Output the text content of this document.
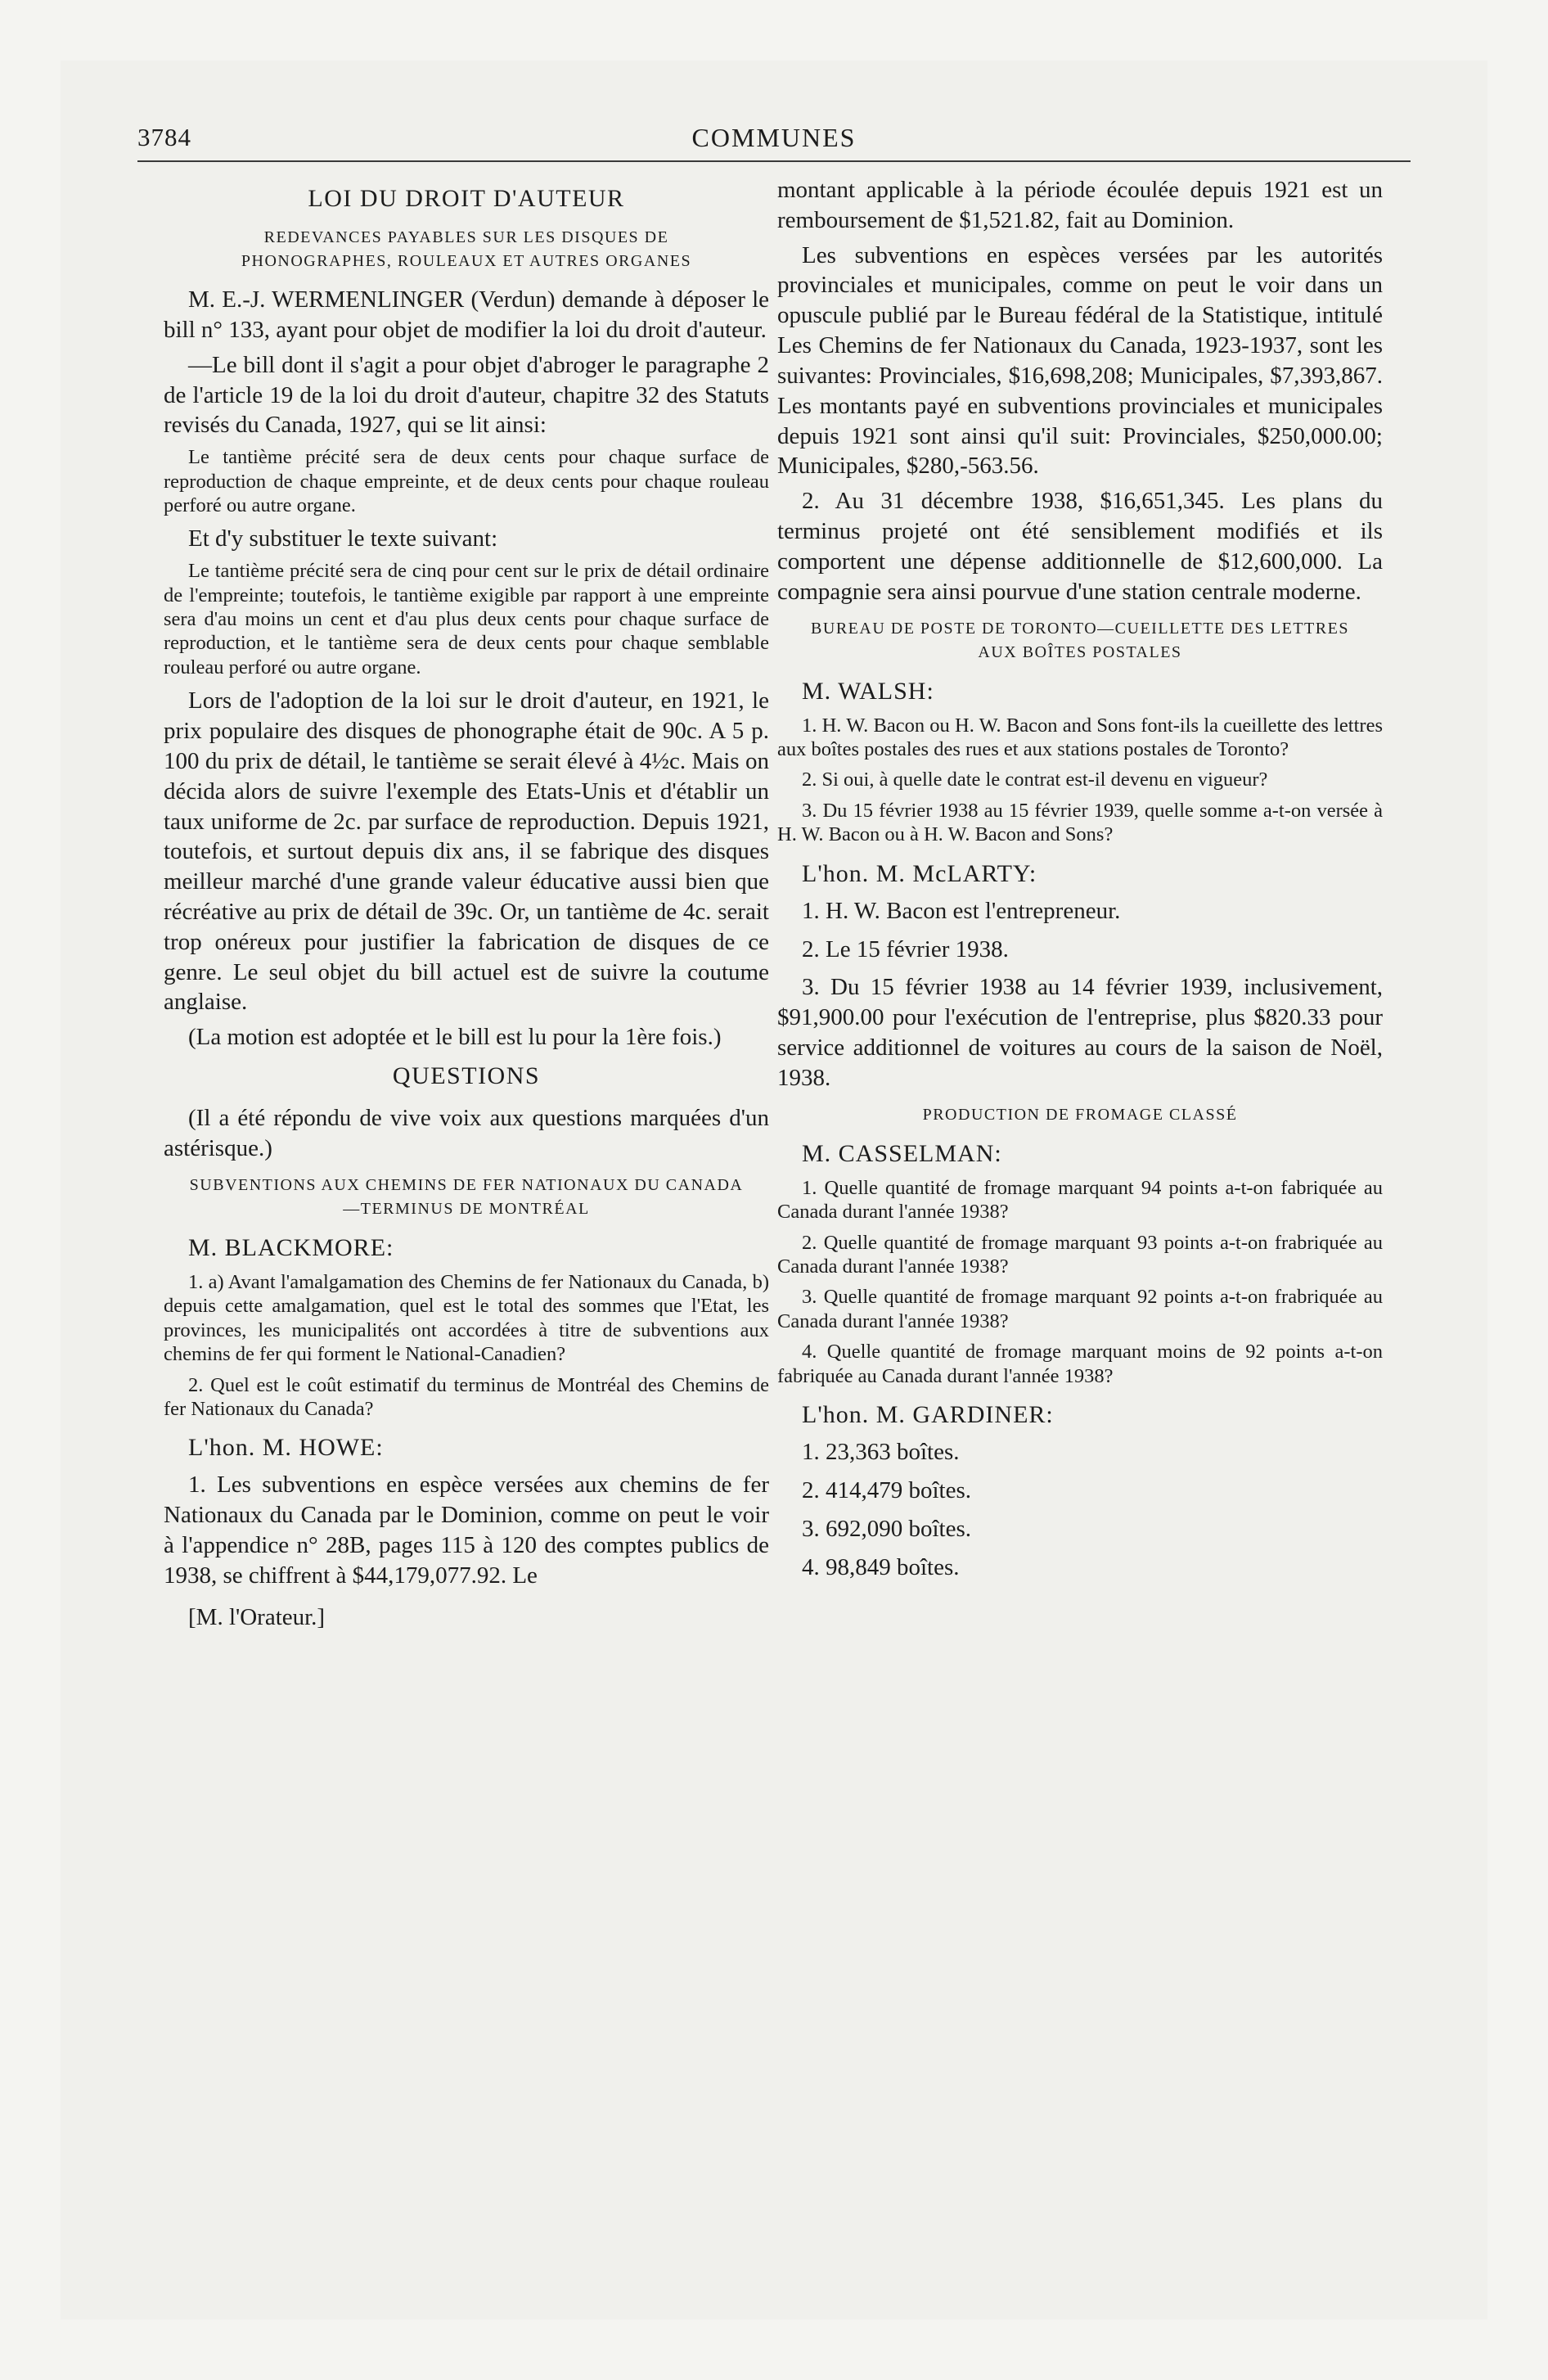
3784	COMMUNES
LOI DU DROIT D'AUTEUR
REDEVANCES PAYABLES SUR LES DISQUES DE PHONOGRAPHES, ROULEAUX ET AUTRES ORGANES

M. E.-J. WERMENLINGER (Verdun) demande à déposer le bill n° 133, ayant pour objet de modifier la loi du droit d'auteur.

—Le bill dont il s'agit a pour objet d'abroger le paragraphe 2 de l'article 19 de la loi du droit d'auteur, chapitre 32 des Statuts revisés du Canada, 1927, qui se lit ainsi:

Le tantième précité sera de deux cents pour chaque surface de reproduction de chaque empreinte, et de deux cents pour chaque rouleau perforé ou autre organe.

Et d'y substituer le texte suivant:

Le tantième précité sera de cinq pour cent sur le prix de détail ordinaire de l'empreinte; toutefois, le tantième exigible par rapport à une empreinte sera d'au moins un cent et d'au plus deux cents pour chaque surface de reproduction, et le tantième sera de deux cents pour chaque semblable rouleau perforé ou autre organe.

Lors de l'adoption de la loi sur le droit d'auteur, en 1921, le prix populaire des disques de phonographe était de 90c. A 5 p. 100 du prix de détail, le tantième se serait élevé à 4½c. Mais on décida alors de suivre l'exemple des Etats-Unis et d'établir un taux uniforme de 2c. par surface de reproduction. Depuis 1921, toutefois, et surtout depuis dix ans, il se fabrique des disques meilleur marché d'une grande valeur éducative aussi bien que récréative au prix de détail de 39c. Or, un tantième de 4c. serait trop onéreux pour justifier la fabrication de disques de ce genre. Le seul objet du bill actuel est de suivre la coutume anglaise.

(La motion est adoptée et le bill est lu pour la 1ère fois.)

QUESTIONS

(Il a été répondu de vive voix aux questions marquées d'un astérisque.)

SUBVENTIONS AUX CHEMINS DE FER NATIONAUX DU CANADA—TERMINUS DE MONTRÉAL
M. BLACKMORE:

1. a) Avant l'amalgamation des Chemins de fer Nationaux du Canada, b) depuis cette amalgamation, quel est le total des sommes que l'Etat, les provinces, les municipalités ont accordées à titre de subventions aux chemins de fer qui forment le National-Canadien?

2. Quel est le coût estimatif du terminus de Montréal des Chemins de fer Nationaux du Canada?

L'hon. M. HOWE:

1. Les subventions en espèce versées aux chemins de fer Nationaux du Canada par le Dominion, comme on peut le voir à l'appendice n° 28B, pages 115 à 120 des comptes publics de 1938, se chiffrent à $44,179,077.92. Le

[M. l'Orateur.]

montant applicable à la période écoulée depuis 1921 est un remboursement de $1,521.82, fait au Dominion.

Les subventions en espèces versées par les autorités provinciales et municipales, comme on peut le voir dans un opuscule publié par le Bureau fédéral de la Statistique, intitulé Les Chemins de fer Nationaux du Canada, 1923-1937, sont les suivantes: Provinciales, $16,698,208; Municipales, $7,393,867. Les montants payé en subventions provinciales et municipales depuis 1921 sont ainsi qu'il suit: Provinciales, $250,000.00; Municipales, $280,-563.56.

2. Au 31 décembre 1938, $16,651,345. Les plans du terminus projeté ont été sensiblement modifiés et ils comportent une dépense additionnelle de $12,600,000. La compagnie sera ainsi pourvue d'une station centrale moderne.

BUREAU DE POSTE DE TORONTO—CUEILLETTE DES LETTRES AUX BOÎTES POSTALES
M. WALSH:

1. H. W. Bacon ou H. W. Bacon and Sons font-ils la cueillette des lettres aux boîtes postales des rues et aux stations postales de Toronto?

2. Si oui, à quelle date le contrat est-il devenu en vigueur?

3. Du 15 février 1938 au 15 février 1939, quelle somme a-t-on versée à H. W. Bacon ou à H. W. Bacon and Sons?

L'hon. M. McLARTY:

1. H. W. Bacon est l'entrepreneur.

2. Le 15 février 1938.

3. Du 15 février 1938 au 14 février 1939, inclusivement, $91,900.00 pour l'exécution de l'entreprise, plus $820.33 pour service additionnel de voitures au cours de la saison de Noël, 1938.

PRODUCTION DE FROMAGE CLASSÉ
M. CASSELMAN:

1. Quelle quantité de fromage marquant 94 points a-t-on fabriquée au Canada durant l'année 1938?

2. Quelle quantité de fromage marquant 93 points a-t-on frabriquée au Canada durant l'année 1938?

3. Quelle quantité de fromage marquant 92 points a-t-on frabriquée au Canada durant l'année 1938?

4. Quelle quantité de fromage marquant moins de 92 points a-t-on fabriquée au Canada durant l'année 1938?

L'hon. M. GARDINER:

1. 23,363 boîtes.

2. 414,479 boîtes.

3. 692,090 boîtes.

4. 98,849 boîtes.
